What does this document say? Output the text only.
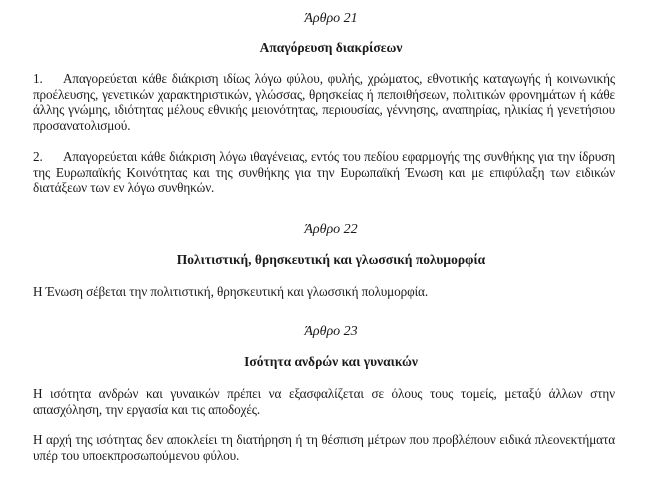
Άρθρο 21
Απαγόρευση διακρίσεων

1. Απαγορεύεται κάθε διάκριση ιδίως λόγω φύλου, φυλής, χρώματος, εθνοτικής καταγωγής ή κοινωνικής προέλευσης, γενετικών χαρακτηριστικών, γλώσσας, θρησκείας ή πεποιθήσεων, πολιτικών φρονημάτων ή κάθε άλλης γνώμης, ιδιότητας μέλους εθνικής μειονότητας, περιουσίας, γέννησης, αναπηρίας, ηλικίας ή γενετήσιου προσανατολισμού.

2. Απαγορεύεται κάθε διάκριση λόγω ιθαγένειας, εντός του πεδίου εφαρμογής της συνθήκης για την ίδρυση της Ευρωπαϊκής Κοινότητας και της συνθήκης για την Ευρωπαϊκή Ένωση και με επιφύλαξη των ειδικών διατάξεων των εν λόγω συνθηκών.

Άρθρο 22
Πολιτιστική, θρησκευτική και γλωσσική πολυμορφία

Η Ένωση σέβεται την πολιτιστική, θρησκευτική και γλωσσική πολυμορφία.

Άρθρο 23
Ισότητα ανδρών και γυναικών

Η ισότητα ανδρών και γυναικών πρέπει να εξασφαλίζεται σε όλους τους τομείς, μεταξύ άλλων στην απασχόληση, την εργασία και τις αποδοχές.

Η αρχή της ισότητας δεν αποκλείει τη διατήρηση ή τη θέσπιση μέτρων που προβλέπουν ειδικά πλεονεκτήματα υπέρ του υποεκπροσωπούμενου φύλου.
